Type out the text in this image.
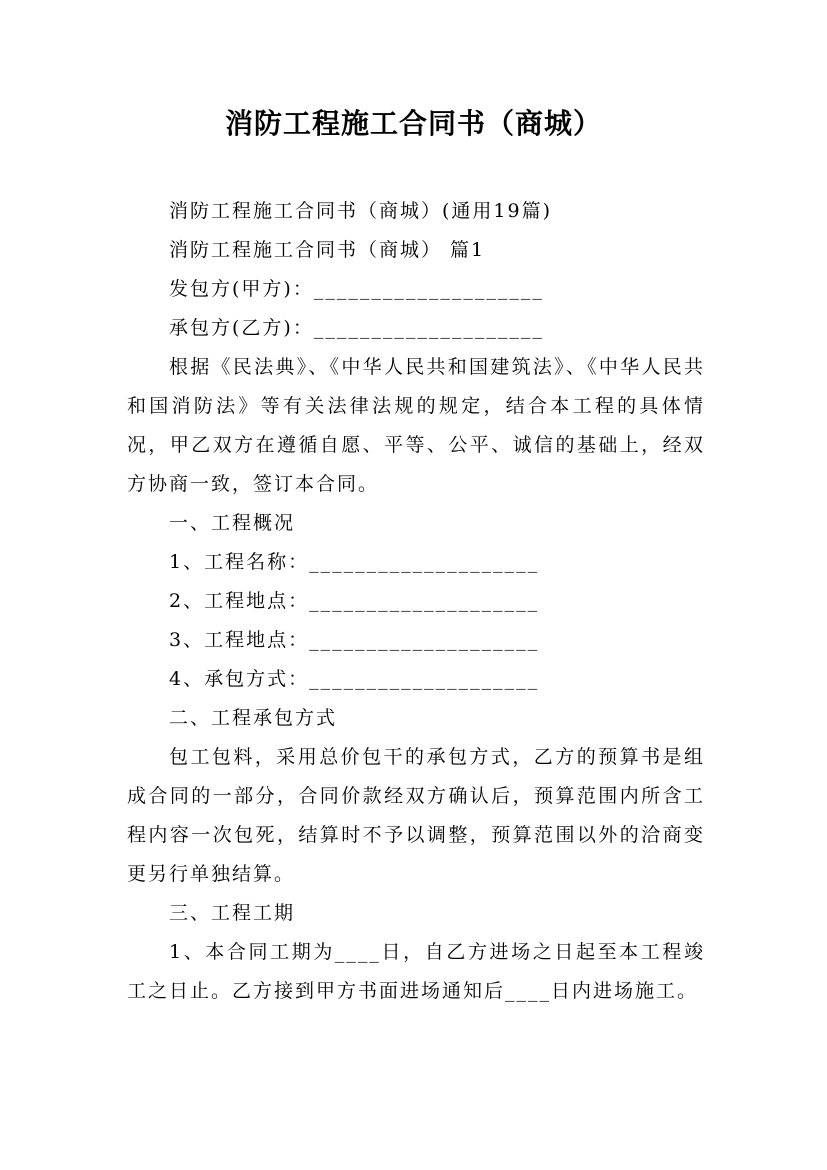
消防工程施工合同书（商城）

消防工程施工合同书（商城）(通用19篇)

消防工程施工合同书（商城） 篇1

发包方(甲方)：____________________

承包方(乙方)：____________________

根据《民法典》、《中华人民共和国建筑法》、《中华人民共和国消防法》等有关法律法规的规定，结合本工程的具体情况，甲乙双方在遵循自愿、平等、公平、诚信的基础上，经双方协商一致，签订本合同。

一、工程概况

1、工程名称：____________________

2、工程地点：____________________

3、工程地点：____________________

4、承包方式：____________________

二、工程承包方式

包工包料，采用总价包干的承包方式，乙方的预算书是组成合同的一部分，合同价款经双方确认后，预算范围内所含工程内容一次包死，结算时不予以调整，预算范围以外的洽商变更另行单独结算。

三、工程工期

1、本合同工期为____日，自乙方进场之日起至本工程竣工之日止。乙方接到甲方书面进场通知后____日内进场施工。
